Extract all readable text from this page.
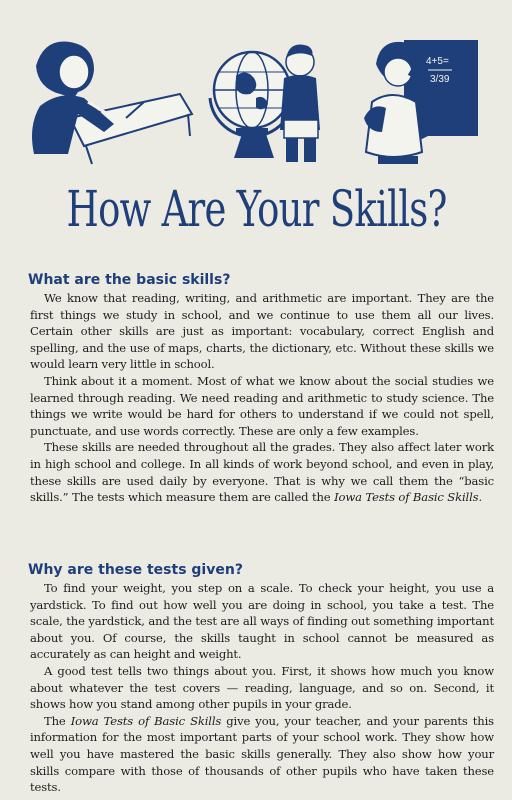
4+5=
3/39
How Are Your Skills?
What are the basic skills?

We know that reading, writing, and arithmetic are important. They are the first things we study in school, and we continue to use them all our lives. Certain other skills are just as important: vocabulary, correct English and spelling, and the use of maps, charts, the dictionary, etc. Without these skills we would learn very little in school.

Think about it a moment. Most of what we know about the social studies we learned through reading. We need reading and arithmetic to study science. The things we write would be hard for others to understand if we could not spell, punctuate, and use words correctly. These are only a few examples.

These skills are needed throughout all the grades. They also affect later work in high school and college. In all kinds of work beyond school, and even in play, these skills are used daily by everyone. That is why we call them the “basic skills.” The tests which measure them are called the Iowa Tests of Basic Skills.

Why are these tests given?

To find your weight, you step on a scale. To check your height, you use a yardstick. To find out how well you are doing in school, you take a test. The scale, the yardstick, and the test are all ways of finding out something important about you. Of course, the skills taught in school cannot be measured as accurately as can height and weight.

A good test tells two things about you. First, it shows how much you know about whatever the test covers — reading, language, and so on. Second, it shows how you stand among other pupils in your grade.

The Iowa Tests of Basic Skills give you, your teacher, and your parents this information for the most important parts of your school work. They show how well you have mastered the basic skills generally. They also show how your skills compare with those of thousands of other pupils who have taken these tests.
